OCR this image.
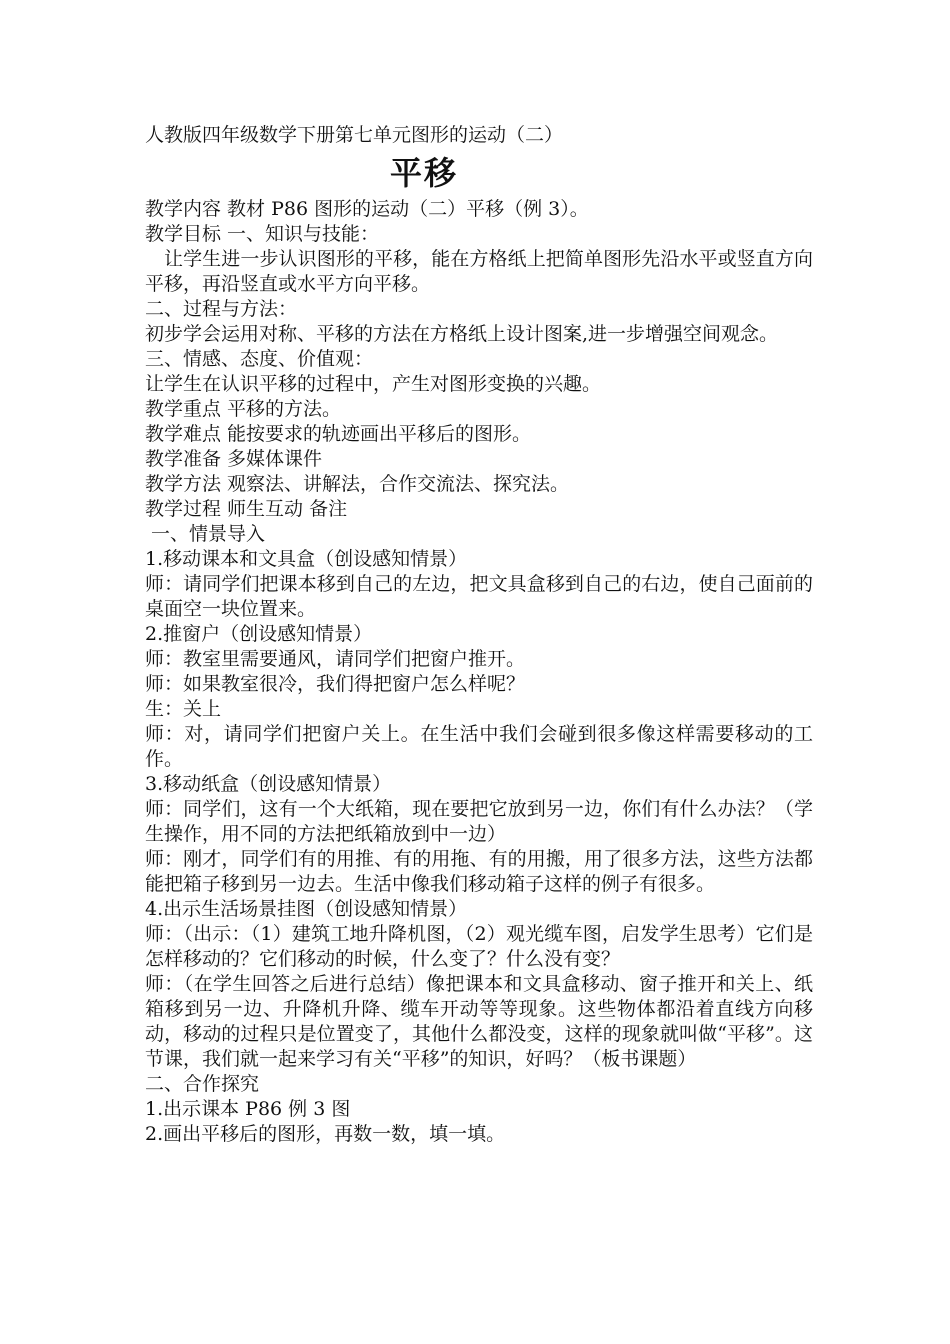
人教版四年级数学下册第七单元图形的运动（二）

平移

教学内容 教材 P86 图形的运动（二）平移（例 3）。

教学目标 一、知识与技能：

让学生进一步认识图形的平移，能在方格纸上把简单图形先沿水平或竖直方向平移，再沿竖直或水平方向平移。

二、过程与方法：

初步学会运用对称、平移的方法在方格纸上设计图案,进一步增强空间观念。

三、情感、态度、价值观：

让学生在认识平移的过程中，产生对图形变换的兴趣。

教学重点 平移的方法。

教学难点 能按要求的轨迹画出平移后的图形。

教学准备 多媒体课件

教学方法 观察法、讲解法，合作交流法、探究法。

教学过程 师生互动 备注

一、情景导入

1.移动课本和文具盒（创设感知情景）

师：请同学们把课本移到自己的左边，把文具盒移到自己的右边，使自己面前的桌面空一块位置来。

2.推窗户（创设感知情景）

师：教室里需要通风，请同学们把窗户推开。

师：如果教室很冷，我们得把窗户怎么样呢？

生：关上

师：对，请同学们把窗户关上。在生活中我们会碰到很多像这样需要移动的工作。

3.移动纸盒（创设感知情景）

师：同学们，这有一个大纸箱，现在要把它放到另一边，你们有什么办法？（学生操作，用不同的方法把纸箱放到中一边）

师：刚才，同学们有的用推、有的用拖、有的用搬，用了很多方法，这些方法都能把箱子移到另一边去。生活中像我们移动箱子这样的例子有很多。

4.出示生活场景挂图（创设感知情景）

师：（出示：（1）建筑工地升降机图，（2）观光缆车图，启发学生思考）它们是怎样移动的？它们移动的时候，什么变了？什么没有变？

师：（在学生回答之后进行总结）像把课本和文具盒移动、窗子推开和关上、纸箱移到另一边、升降机升降、缆车开动等等现象。这些物体都沿着直线方向移动，移动的过程只是位置变了，其他什么都没变，这样的现象就叫做“平移”。这节课，我们就一起来学习有关“平移”的知识，好吗？（板书课题）

二、合作探究

1.出示课本 P86 例 3 图

2.画出平移后的图形，再数一数，填一填。
